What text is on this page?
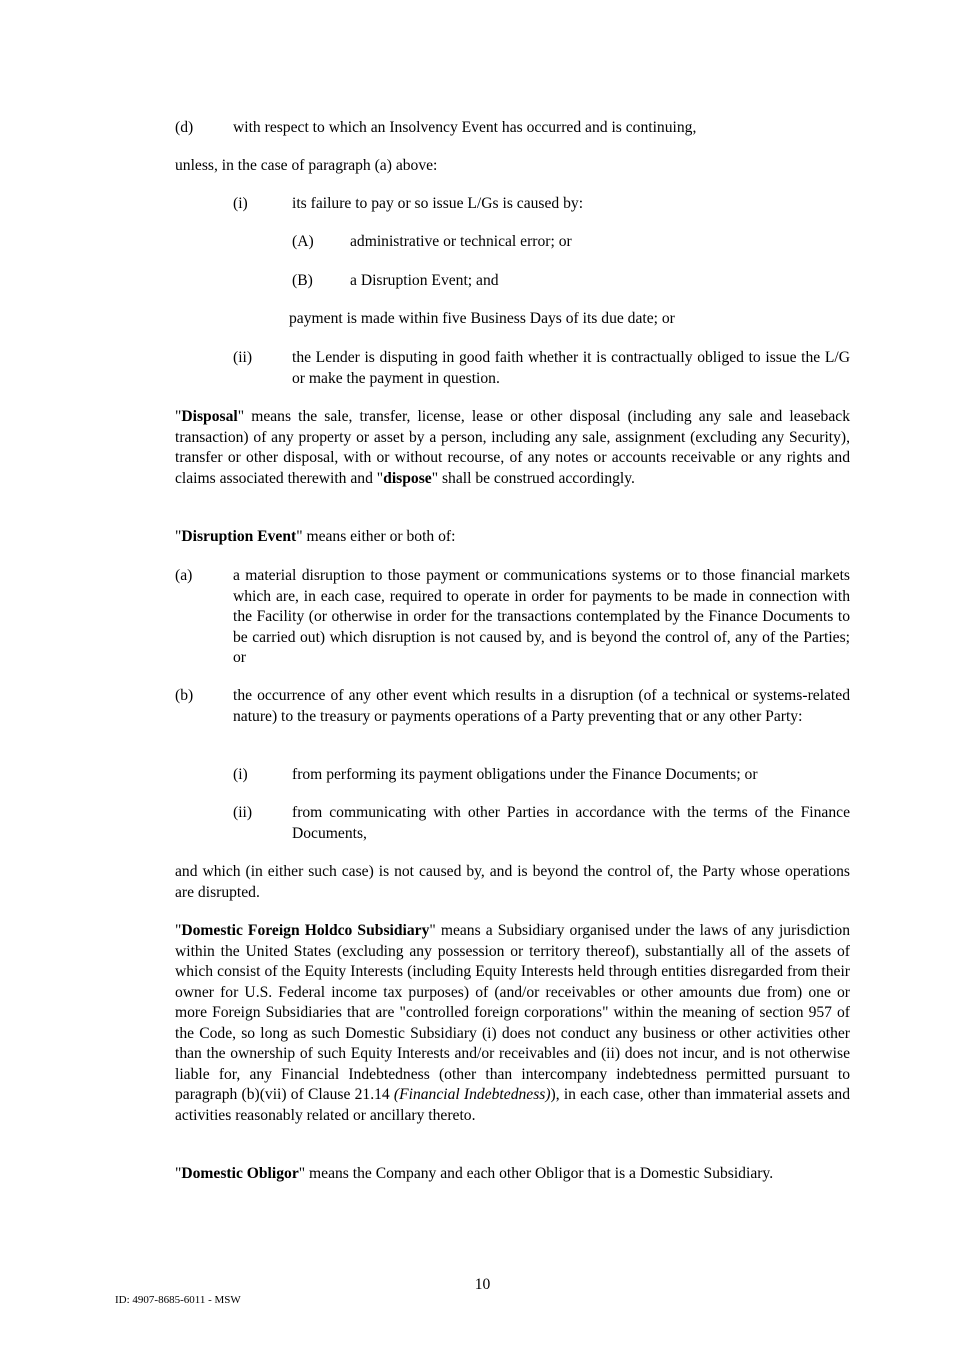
(d)	with respect to which an Insolvency Event has occurred and is continuing,
unless, in the case of paragraph (a) above:
(i)	its failure to pay or so issue L/Gs is caused by:
(A) administrative or technical error; or
(B) a Disruption Event; and
payment is made within five Business Days of its due date; or
(ii)	the Lender is disputing in good faith whether it is contractually obliged to issue the L/G or make the payment in question.
"Disposal" means the sale, transfer, license, lease or other disposal (including any sale and leaseback transaction) of any property or asset by a person, including any sale, assignment (excluding any Security), transfer or other disposal, with or without recourse, of any notes or accounts receivable or any rights and claims associated therewith and "dispose" shall be construed accordingly.
"Disruption Event" means either or both of:
(a)	a material disruption to those payment or communications systems or to those financial markets which are, in each case, required to operate in order for payments to be made in connection with the Facility (or otherwise in order for the transactions contemplated by the Finance Documents to be carried out) which disruption is not caused by, and is beyond the control of, any of the Parties; or
(b)	the occurrence of any other event which results in a disruption (of a technical or systems-related nature) to the treasury or payments operations of a Party preventing that or any other Party:
(i)	from performing its payment obligations under the Finance Documents; or
(ii)	from communicating with other Parties in accordance with the terms of the Finance Documents,
and which (in either such case) is not caused by, and is beyond the control of, the Party whose operations are disrupted.
"Domestic Foreign Holdco Subsidiary" means a Subsidiary organised under the laws of any jurisdiction within the United States (excluding any possession or territory thereof), substantially all of the assets of which consist of the Equity Interests (including Equity Interests held through entities disregarded from their owner for U.S. Federal income tax purposes) of (and/or receivables or other amounts due from) one or more Foreign Subsidiaries that are "controlled foreign corporations" within the meaning of section 957 of the Code, so long as such Domestic Subsidiary (i) does not conduct any business or other activities other than the ownership of such Equity Interests and/or receivables and (ii) does not incur, and is not otherwise liable for, any Financial Indebtedness (other than intercompany indebtedness permitted pursuant to paragraph (b)(vii) of Clause 21.14 (Financial Indebtedness)), in each case, other than immaterial assets and activities reasonably related or ancillary thereto.
"Domestic Obligor" means the Company and each other Obligor that is a Domestic Subsidiary.
10
ID: 4907-8685-6011 - MSW
